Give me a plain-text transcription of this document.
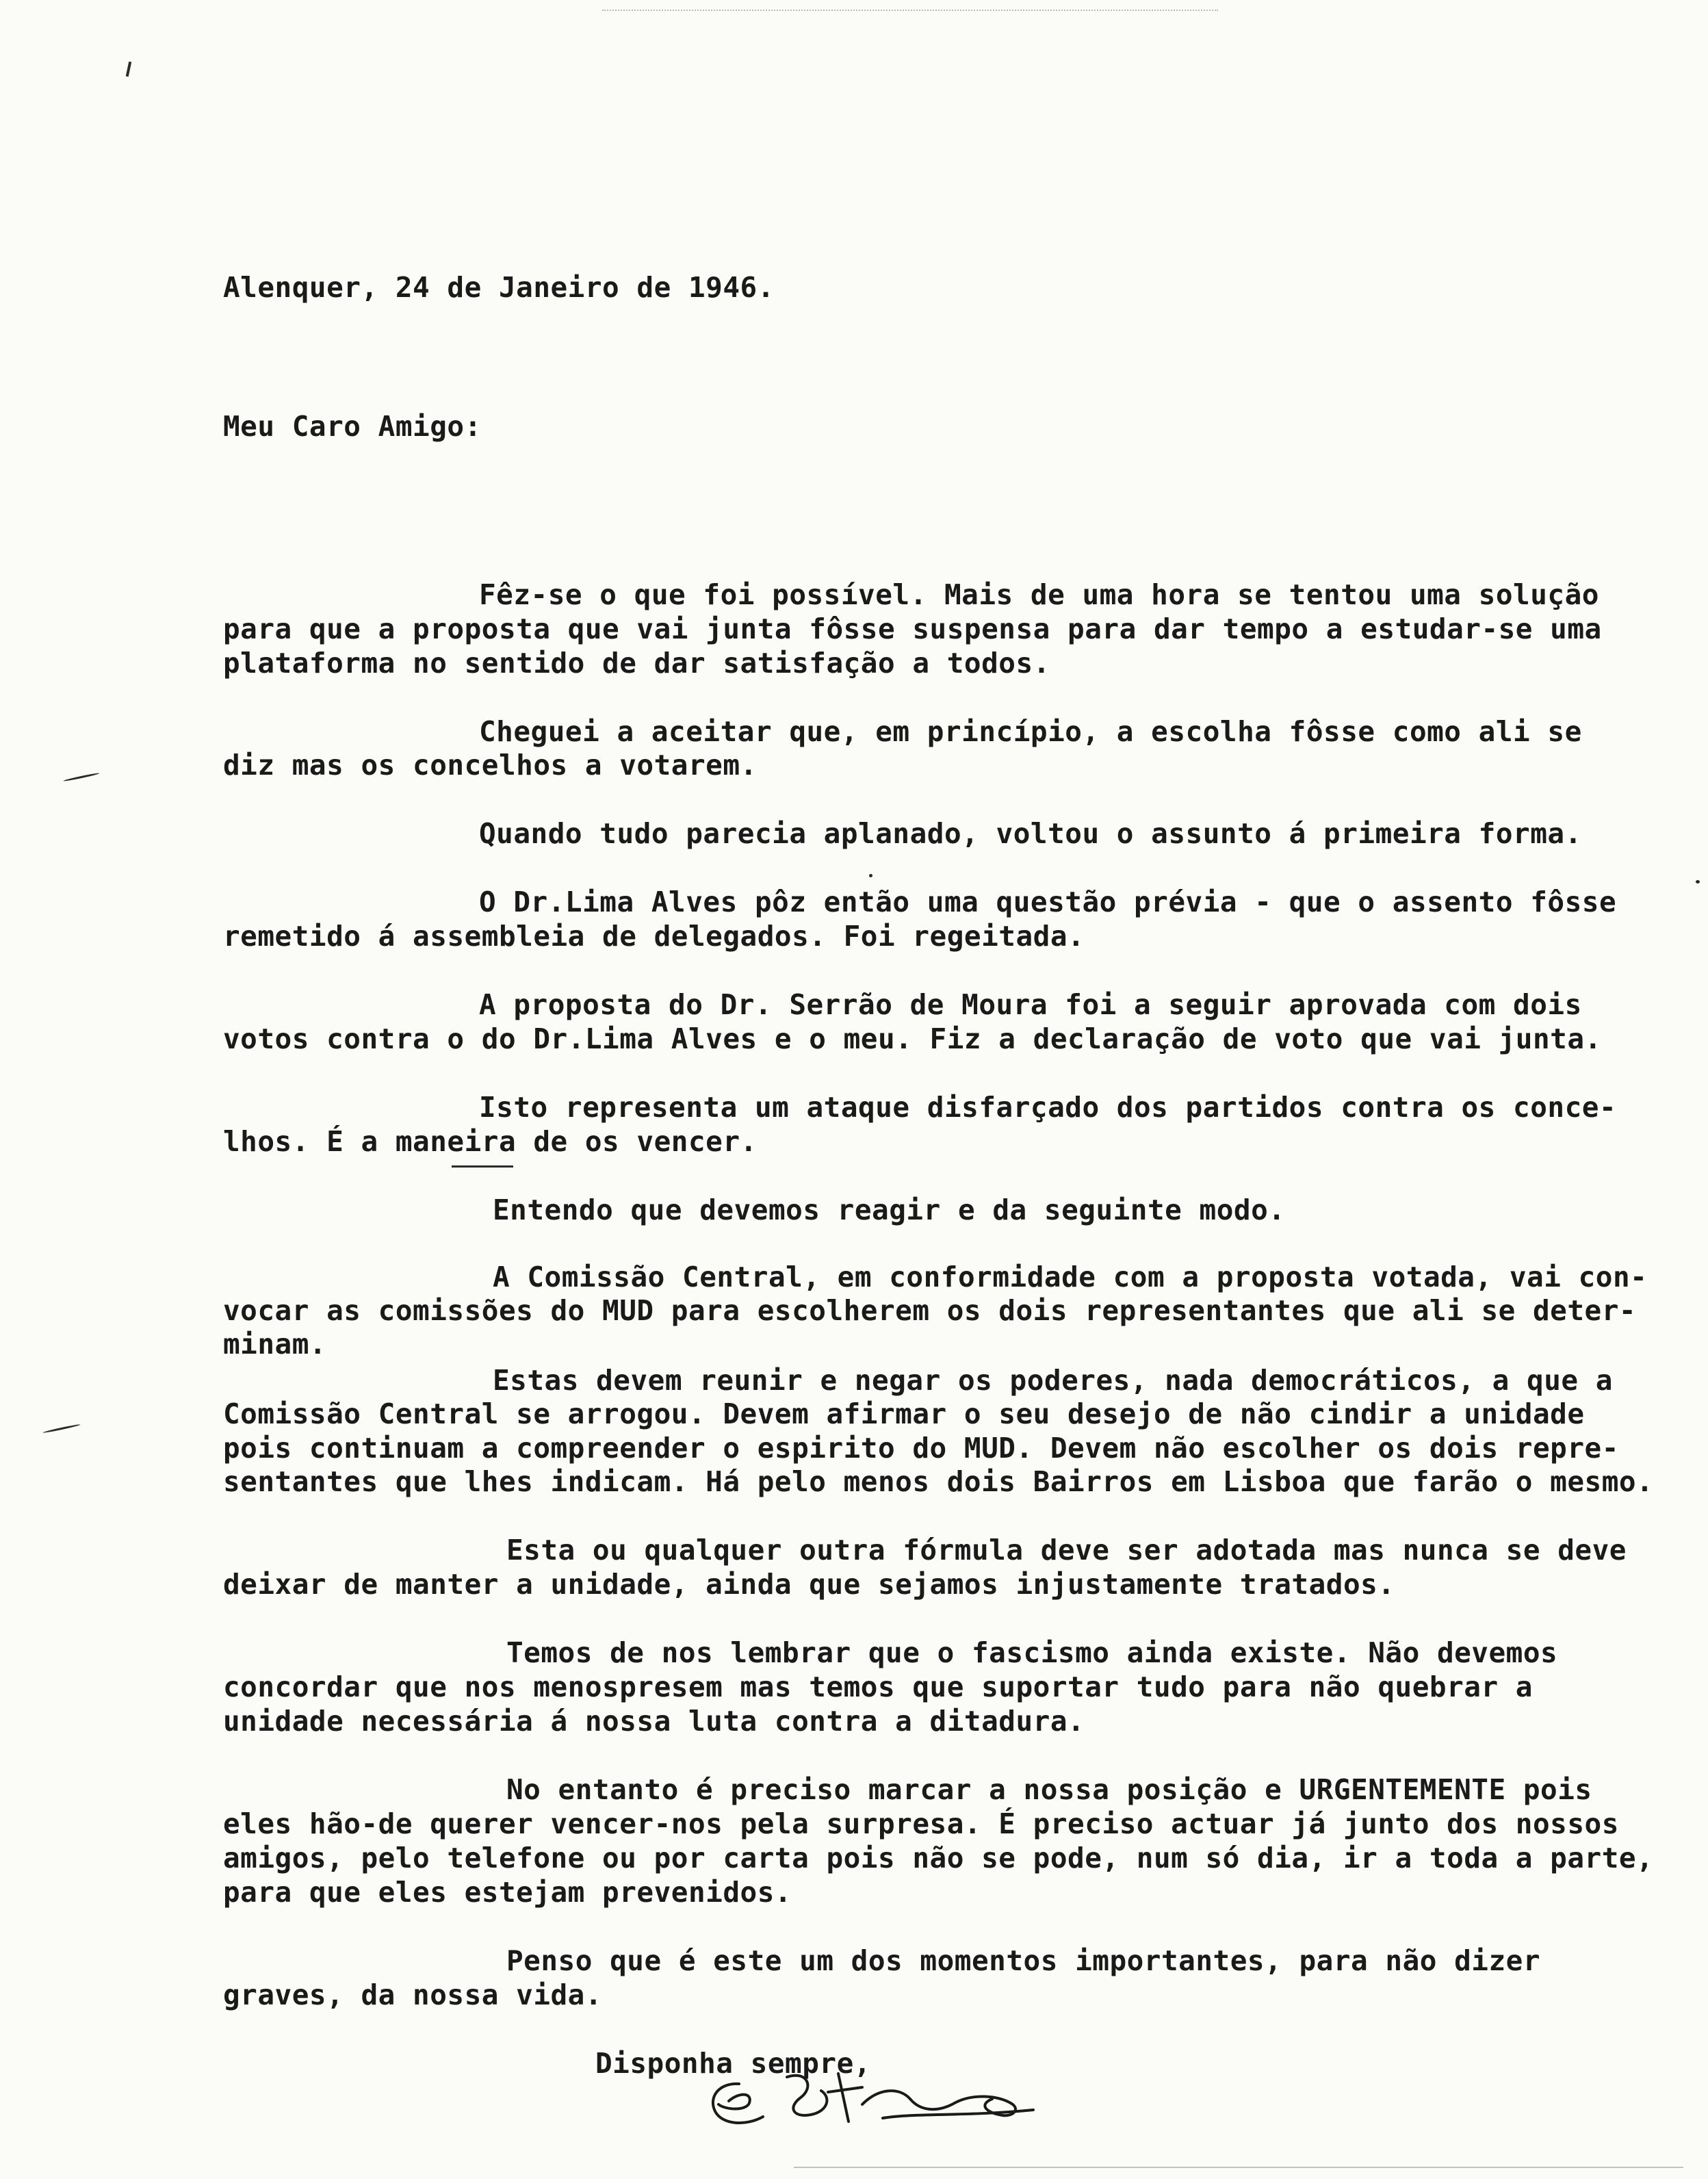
Alenquer, 24 de Janeiro de 1946.
Meu Caro Amigo:
Fêz-se o que foi possível. Mais de uma hora se tentou uma solução
para que a proposta que vai junta fôsse suspensa para dar tempo a estudar-se uma
plataforma no sentido de dar satisfação a todos.
Cheguei a aceitar que, em princípio, a escolha fôsse como ali se
diz mas os concelhos a votarem.
Quando tudo parecia aplanado, voltou o assunto á primeira forma.
O Dr.Lima Alves pôz então uma questão prévia - que o assento fôsse
remetido á assembleia de delegados. Foi regeitada.
A proposta do Dr. Serrão de Moura foi a seguir aprovada com dois
votos contra o do Dr.Lima Alves e o meu. Fiz a declaração de voto que vai junta.
Isto representa um ataque disfarçado dos partidos contra os conce-
lhos. É a maneira de os vencer.
Entendo que devemos reagir e da seguinte modo.
A Comissão Central, em conformidade com a proposta votada, vai con-
vocar as comissões do MUD para escolherem os dois representantes que ali se deter-
minam.
Estas devem reunir e negar os poderes, nada democráticos, a que a
Comissão Central se arrogou. Devem afirmar o seu desejo de não cindir a unidade
pois continuam a compreender o espirito do MUD. Devem não escolher os dois repre-
sentantes que lhes indicam. Há pelo menos dois Bairros em Lisboa que farão o mesmo.
Esta ou qualquer outra fórmula deve ser adotada mas nunca se deve
deixar de manter a unidade, ainda que sejamos injustamente tratados.
Temos de nos lembrar que o fascismo ainda existe. Não devemos
concordar que nos menospresem mas temos que suportar tudo para não quebrar a
unidade necessária á nossa luta contra a ditadura.
No entanto é preciso marcar a nossa posição e URGENTEMENTE pois
eles hão-de querer vencer-nos pela surpresa. É preciso actuar já junto dos nossos
amigos, pelo telefone ou por carta pois não se pode, num só dia, ir a toda a parte,
para que eles estejam prevenidos.
Penso que é este um dos momentos importantes, para não dizer
graves, da nossa vida.
Disponha sempre,
